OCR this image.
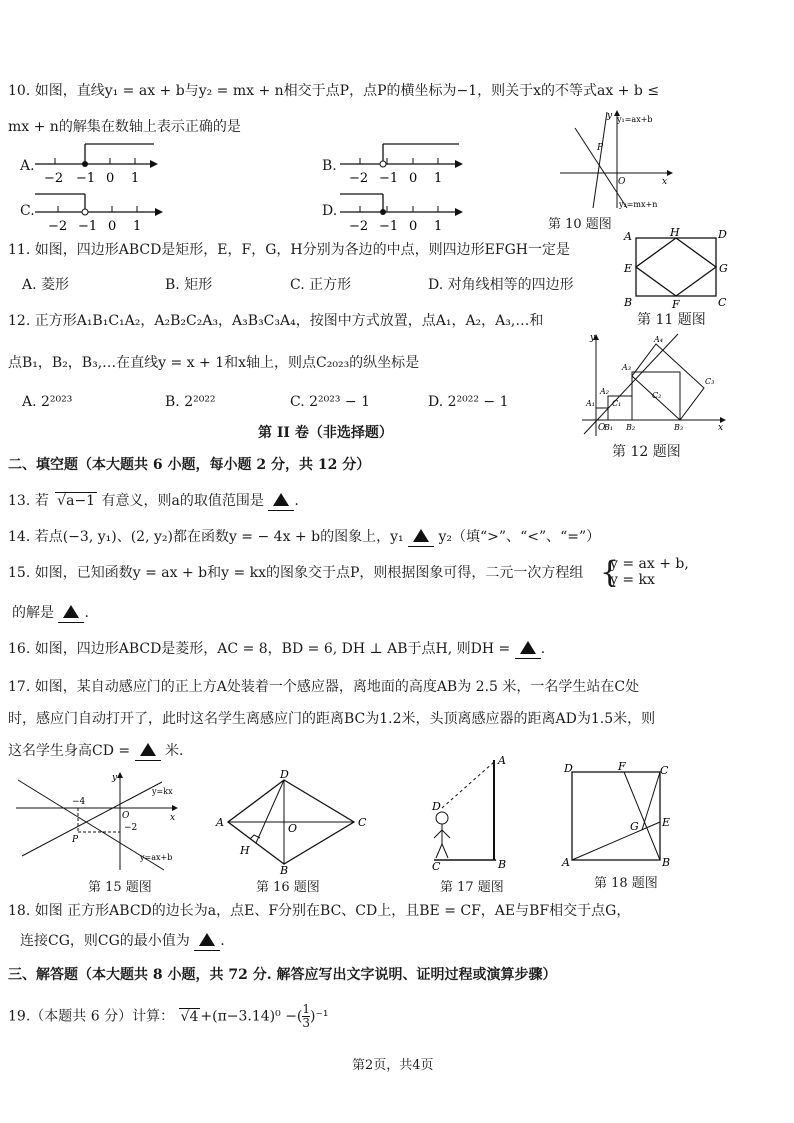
10. 如图，直线y₁ = ax + b与y₂ = mx + n相交于点P，点P的横坐标为−1，则关于x的不等式ax + b ≤
mx + n的解集在数轴上表示正确的是
A.
−2 −1 0 1
B.
−2 −1 0 1
C.
−2 −1 0 1
D.
−2 −1 0 1
y₁=ax+b
y₂=mx+n
P
O	x
y
第 10 题图
11. 如图，四边形ABCD是矩形，E，F，G，H分别为各边的中点，则四边形EFGH一定是
A. 菱形	B. 矩形	C. 正方形	D. 对角线相等的四边形
A	H	D
E	G
B	F	C
第 11 题图
12. 正方形A₁B₁C₁A₂，A₂B₂C₂A₃，A₃B₃C₃A₄，按图中方式放置，点A₁，A₂，A₃,…和
点B₁，B₂，B₃,…在直线y = x + 1和x轴上，则点C₂₀₂₃的纵坐标是
A. 2²⁰²³	B. 2²⁰²²	C. 2²⁰²³ − 1	D. 2²⁰²² − 1
O
y
x
A₁
A₂
A₃
A₄
B₁ B₂	B₃
C₁
C₂
C₃
第 12 题图
第 II 卷（非选择题）
二、填空题（本大题共 6 小题，每小题 2 分，共 12 分）
13. 若 √a−1 有意义，则a的取值范围是 .
14. 若点(−3, y₁)、(2, y₂)都在函数y = − 4x + b的图象上，y₁ y₂（填“>”、“<”、“=”）
15. 如图，已知函数y = ax + b和y = kx的图象交于点P，则根据图象可得，二元一次方程组 {
y = ax + b,
y = kx
的解是 .
16. 如图，四边形ABCD是菱形，AC = 8，BD = 6, DH ⊥ AB于点H, 则DH = .
17. 如图，某自动感应门的正上方A处装着一个感应器，离地面的高度AB为 2.5 米，一名学生站在C处
时，感应门自动打开了，此时这名学生离感应门的距离BC为1.2米，头顶离感应器的距离AD为1.5米，则
这名学生身高CD = 米.
−4
−2
O
P
y
x
y=kx
y=ax+b
第 15 题图
D
A	C
B
H
O
第 16 题图
A
B
C
D
第 17 题图
D	F	C
E
G
A	B
第 18 题图
18. 如图 正方形ABCD的边长为a，点E、F分别在BC、CD上，且BE = CF，AE与BF相交于点G，
连接CG，则CG的最小值为 .
三、解答题（本大题共 8 小题，共 72 分. 解答应写出文字说明、证明过程或演算步骤）
19.（本题共 6 分）计算： √4 +(π−3.14)⁰ −( $\frac{1}{3} )^{-1}$
第2页，共4页
